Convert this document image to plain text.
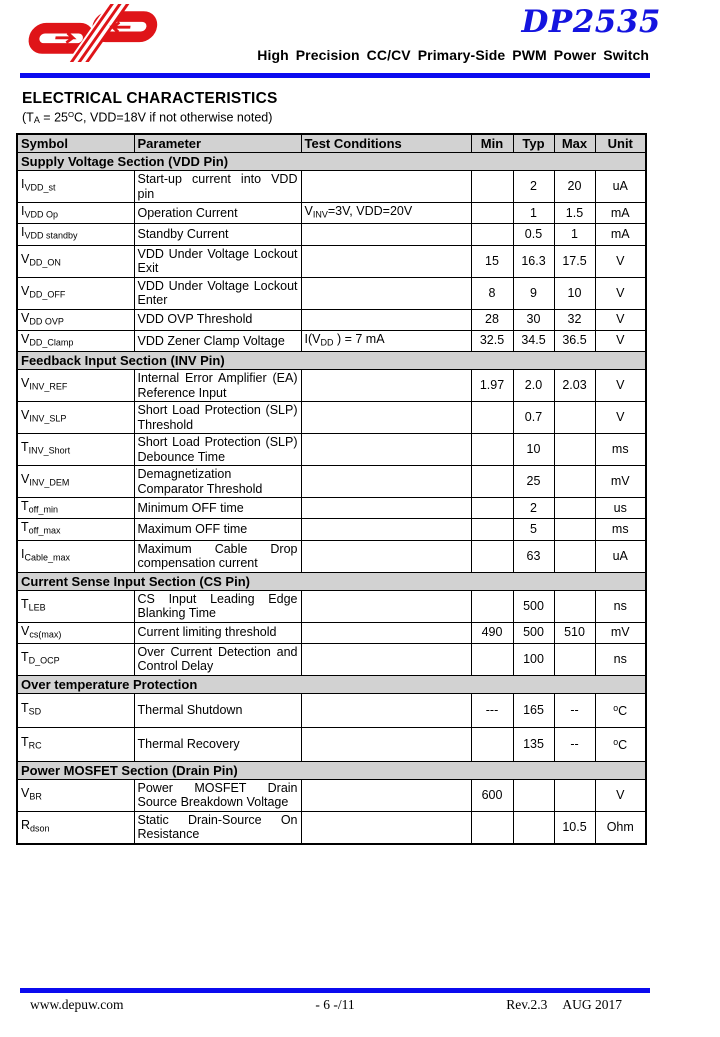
DP2535
High Precision CC/CV Primary-Side PWM Power Switch
ELECTRICAL CHARACTERISTICS
($T_A = 25^OC$, VDD=18V if not otherwise noted)
Symbol	Parameter	Test Conditions	Min	Typ	Max	Unit
Supply Voltage Section (VDD Pin)						
$I_{VDD\_st}$	Start-up current into VDD pin			2	20	uA
$I_{VDD Op}$	Operation Current	$V_{INV}=3V$, VDD=20V		1	1.5	mA
$I_{VDD standby}$	Standby Current			0.5	1	mA
$V_{DD\_ON}$	VDD Under Voltage Lockout Exit		15	16.3	17.5	V
$V_{DD\_OFF}$	VDD Under Voltage Lockout Enter		8	9	10	V
$V_{DD OVP}$	VDD OVP Threshold		28	30	32	V
$V_{DD\_Clamp}$	VDD Zener Clamp Voltage	$I(V_{DD}$ ) = 7 mA	32.5	34.5	36.5	V
Feedback Input Section (INV Pin)						
$V_{INV\_REF}$	Internal Error Amplifier (EA) Reference Input		1.97	2.0	2.03	V
$V_{INV\_SLP}$	Short Load Protection (SLP) Threshold			0.7		V
$T_{INV\_Short}$	Short Load Protection (SLP) Debounce Time			10		ms
$V_{INV\_DEM}$	Demagnetization Comparator Threshold			25		mV
$T_{off\_min}$	Minimum OFF time			2		us
$T_{off\_max}$	Maximum OFF time			5		ms
$I_{Cable\_max}$	Maximum Cable Drop compensation current			63		uA
Current Sense Input Section (CS Pin)						
$T_{LEB}$	CS Input Leading Edge Blanking Time			500		ns
$V_{cs(max)}$	Current limiting threshold		490	500	510	mV
$T_{D\_OCP}$	Over Current Detection and Control Delay			100		ns
Over temperature Protection						
$T_{SD}$	Thermal Shutdown		---	165	--	$^o$C
$T_{RC}$	Thermal Recovery			135	--	$^o$C
Power MOSFET Section (Drain Pin)						
$V_{BR}$	Power MOSFET Drain Source Breakdown Voltage		600			V
$R_{dson}$	Static Drain-Source On Resistance				10.5	Ohm
www.depuw.com	- 6 -/11	Rev.2.3 AUG 2017
